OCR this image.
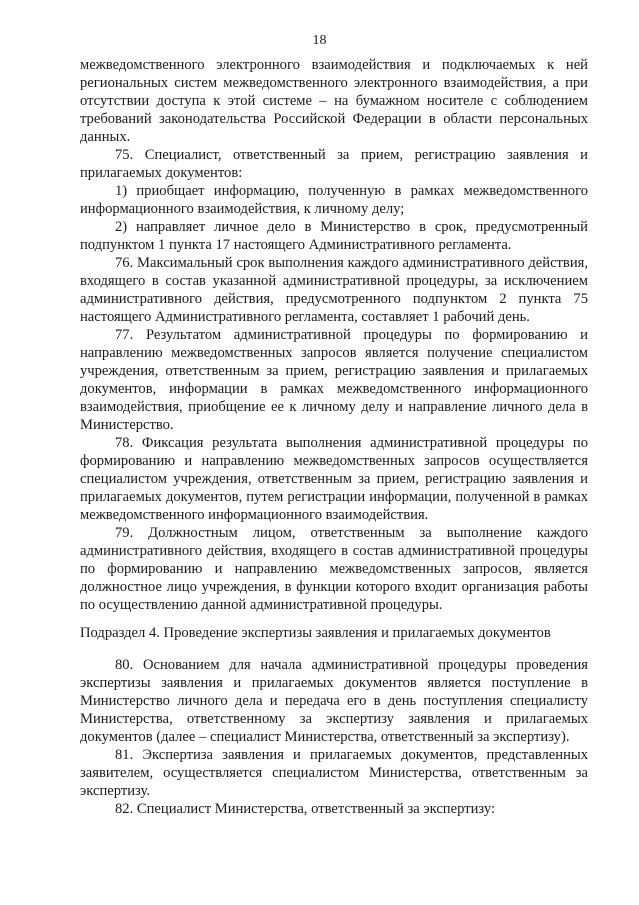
18

межведомственного электронного взаимодействия и подключаемых к ней региональных систем межведомственного электронного взаимодействия, а при отсутствии доступа к этой системе – на бумажном носителе с соблюдением требований законодательства Российской Федерации в области персональных данных.

75. Специалист, ответственный за прием, регистрацию заявления и прилагаемых документов:

1) приобщает информацию, полученную в рамках межведомственного информационного взаимодействия, к личному делу;

2) направляет личное дело в Министерство в срок, предусмотренный подпунктом 1 пункта 17 настоящего Административного регламента.

76. Максимальный срок выполнения каждого административного действия, входящего в состав указанной административной процедуры, за исключением административного действия, предусмотренного подпунктом 2 пункта 75 настоящего Административного регламента, составляет 1 рабочий день.

77. Результатом административной процедуры по формированию и направлению межведомственных запросов является получение специалистом учреждения, ответственным за прием, регистрацию заявления и прилагаемых документов, информации в рамках межведомственного информационного взаимодействия, приобщение ее к личному делу и направление личного дела в Министерство.

78. Фиксация результата выполнения административной процедуры по формированию и направлению межведомственных запросов осуществляется специалистом учреждения, ответственным за прием, регистрацию заявления и прилагаемых документов, путем регистрации информации, полученной в рамках межведомственного информационного взаимодействия.

79. Должностным лицом, ответственным за выполнение каждого административного действия, входящего в состав административной процедуры по формированию и направлению межведомственных запросов, является должностное лицо учреждения, в функции которого входит организация работы по осуществлению данной административной процедуры.

Подраздел 4. Проведение экспертизы заявления и прилагаемых документов

80. Основанием для начала административной процедуры проведения экспертизы заявления и прилагаемых документов является поступление в Министерство личного дела и передача его в день поступления специалисту Министерства, ответственному за экспертизу заявления и прилагаемых документов (далее – специалист Министерства, ответственный за экспертизу).

81. Экспертиза заявления и прилагаемых документов, представленных заявителем, осуществляется специалистом Министерства, ответственным за экспертизу.

82. Специалист Министерства, ответственный за экспертизу:
